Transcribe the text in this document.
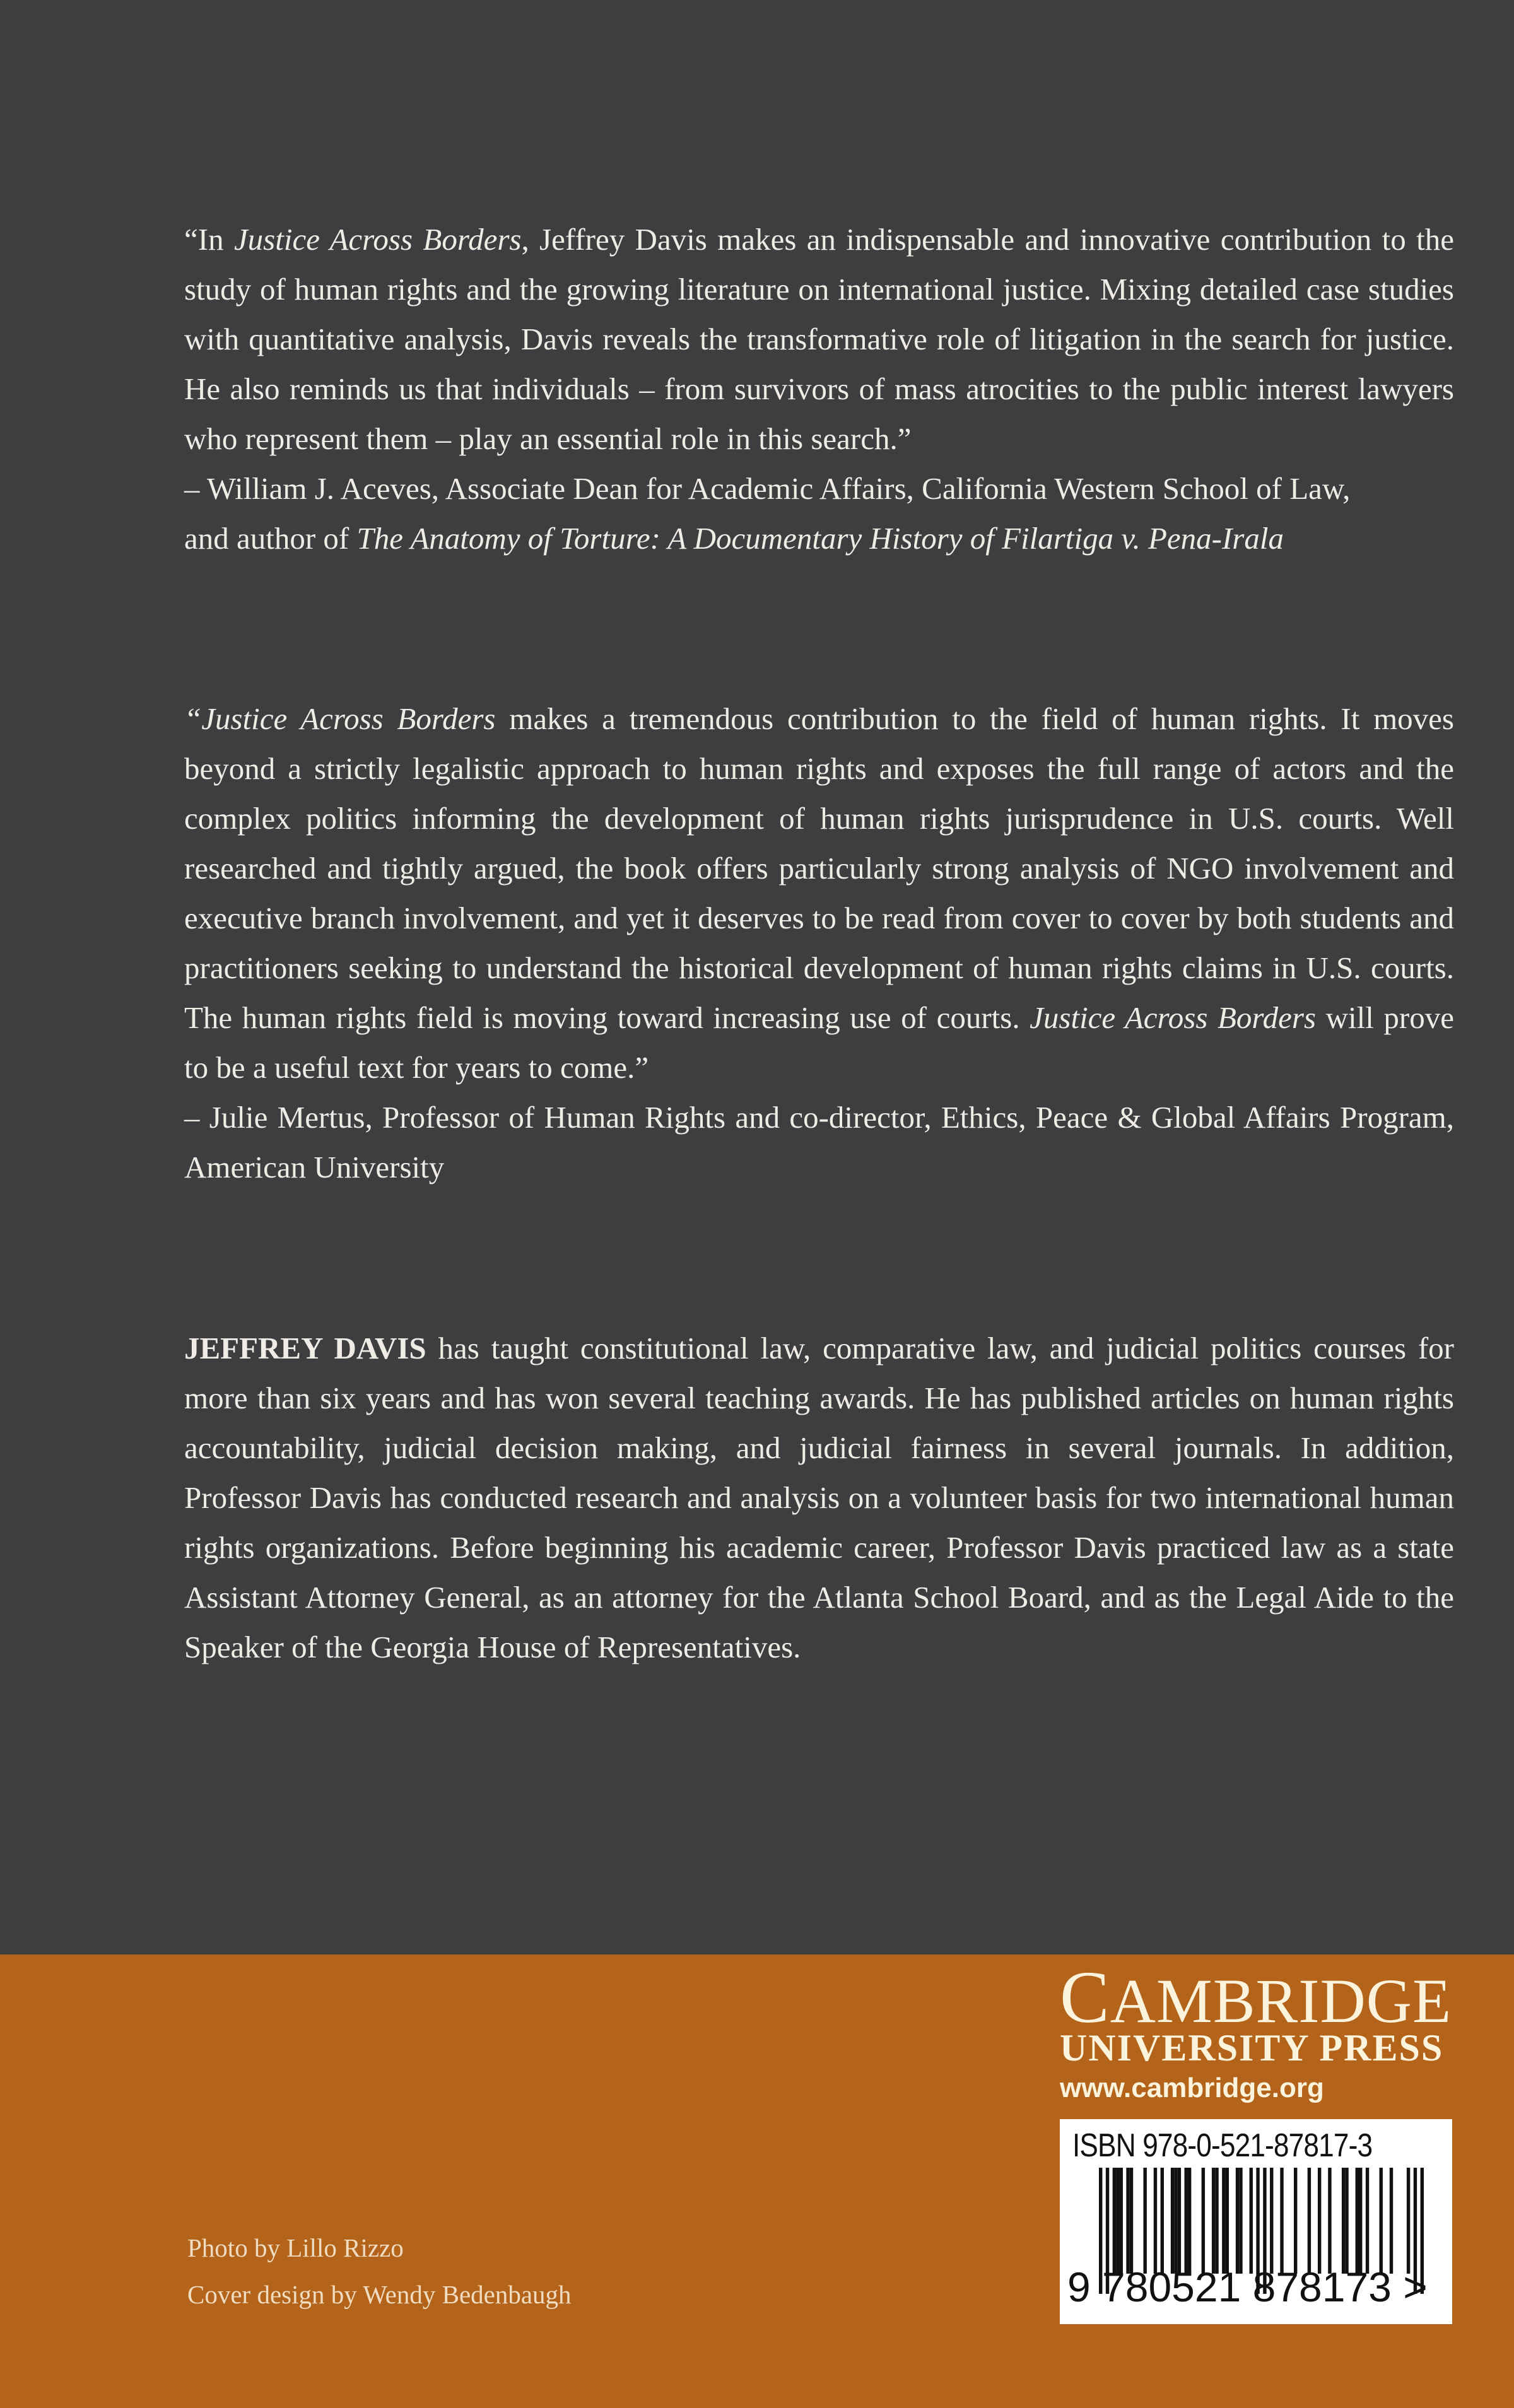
“In Justice Across Borders, Jeffrey Davis makes an indispensable and innovative contribution to the study of human rights and the growing literature on international justice. Mixing detailed case studies with quantitative analysis, Davis reveals the transformative role of litigation in the search for justice. He also reminds us that individuals – from survivors of mass atrocities to the public interest lawyers who represent them – play an essential role in this search.”

– William J. Aceves, Associate Dean for Academic Affairs, California Western School of Law,

and author of The Anatomy of Torture: A Documentary History of Filartiga v. Pena-Irala

“Justice Across Borders makes a tremendous contribution to the field of human rights. It moves beyond a strictly legalistic approach to human rights and exposes the full range of actors and the complex politics informing the development of human rights jurisprudence in U.S. courts. Well researched and tightly argued, the book offers particularly strong analysis of NGO involvement and executive branch involvement, and yet it deserves to be read from cover to cover by both students and practitioners seeking to understand the historical development of human rights claims in U.S. courts. The human rights field is moving toward increasing use of courts. Justice Across Borders will prove to be a useful text for years to come.”

– Julie Mertus, Professor of Human Rights and co-director, Ethics, Peace & Global Affairs Program, American University

JEFFREY DAVIS has taught constitutional law, comparative law, and judicial politics courses for more than six years and has won several teaching awards. He has published articles on human rights accountability, judicial decision making, and judicial fairness in several journals. In addition, Professor Davis has conducted research and analysis on a volunteer basis for two international human rights organizations. Before beginning his academic career, Professor Davis practiced law as a state Assistant Attorney General, as an attorney for the Atlanta School Board, and as the Legal Aide to the Speaker of the Georgia House of Representatives.

Photo by Lillo Rizzo
Cover design by Wendy Bedenbaugh
CAMBRIDGE
UNIVERSITY PRESS
www.cambridge.org
ISBN 978-0-521-87817-3
9 780521 878173 >
